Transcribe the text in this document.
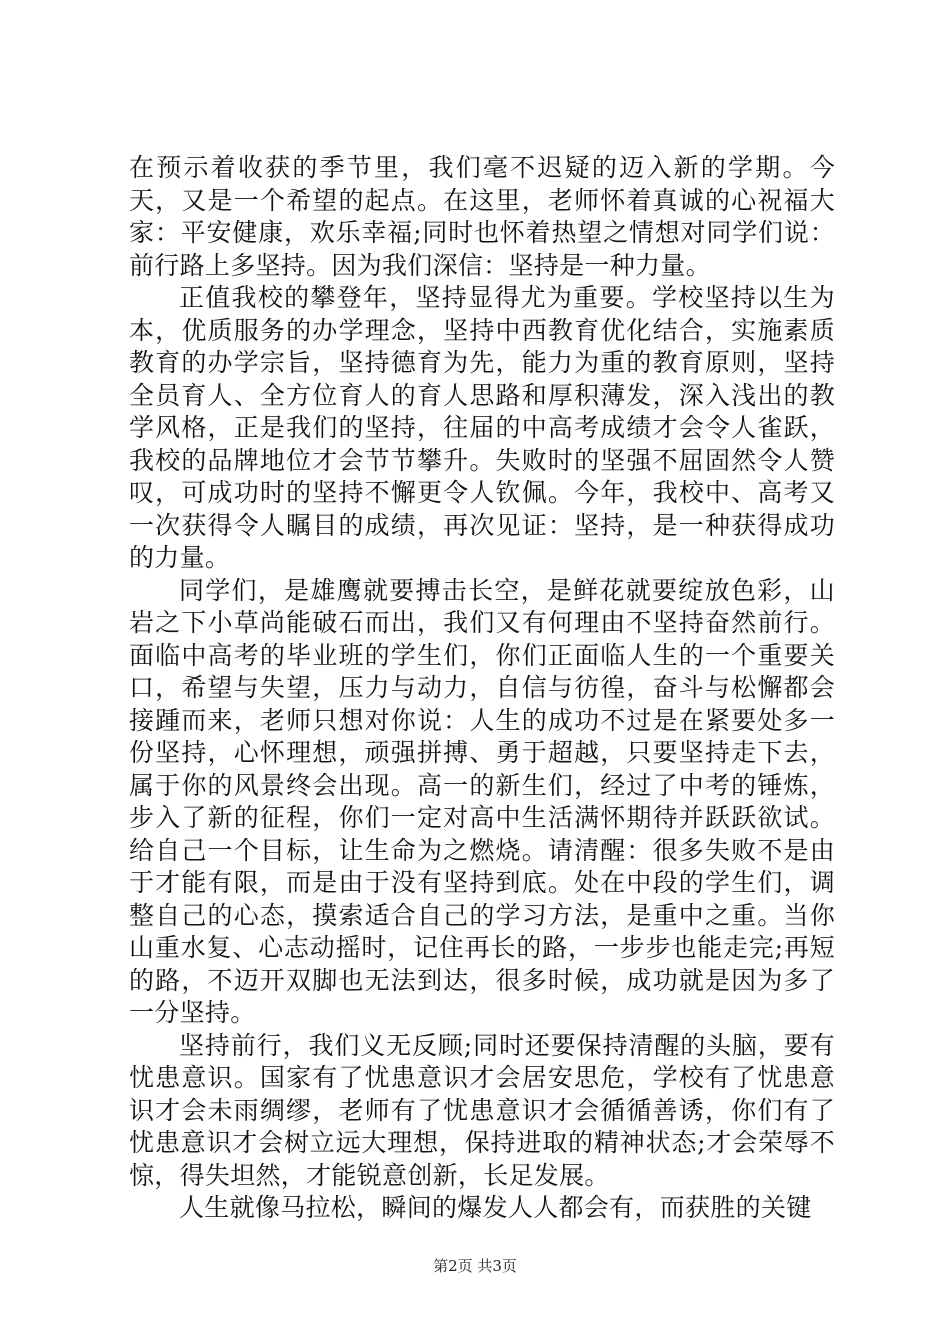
在预示着收获的季节里，我们毫不迟疑的迈入新的学期。今天，又是一个希望的起点。在这里，老师怀着真诚的心祝福大家：平安健康，欢乐幸福;同时也怀着热望之情想对同学们说：前行路上多坚持。因为我们深信：坚持是一种力量。

正值我校的攀登年，坚持显得尤为重要。学校坚持以生为本，优质服务的办学理念，坚持中西教育优化结合，实施素质教育的办学宗旨，坚持德育为先，能力为重的教育原则，坚持全员育人、全方位育人的育人思路和厚积薄发，深入浅出的教学风格，正是我们的坚持，往届的中高考成绩才会令人雀跃，我校的品牌地位才会节节攀升。失败时的坚强不屈固然令人赞叹，可成功时的坚持不懈更令人钦佩。今年，我校中、高考又一次获得令人瞩目的成绩，再次见证：坚持，是一种获得成功的力量。

同学们，是雄鹰就要搏击长空，是鲜花就要绽放色彩，山岩之下小草尚能破石而出，我们又有何理由不坚持奋然前行。面临中高考的毕业班的学生们，你们正面临人生的一个重要关口，希望与失望，压力与动力，自信与彷徨，奋斗与松懈都会接踵而来，老师只想对你说：人生的成功不过是在紧要处多一份坚持，心怀理想，顽强拼搏、勇于超越，只要坚持走下去，属于你的风景终会出现。高一的新生们，经过了中考的锤炼，步入了新的征程，你们一定对高中生活满怀期待并跃跃欲试。给自己一个目标，让生命为之燃烧。请清醒：很多失败不是由于才能有限，而是由于没有坚持到底。处在中段的学生们，调整自己的心态，摸索适合自己的学习方法，是重中之重。当你山重水复、心志动摇时，记住再长的路，一步步也能走完;再短的路，不迈开双脚也无法到达，很多时候，成功就是因为多了一分坚持。

坚持前行，我们义无反顾;同时还要保持清醒的头脑，要有忧患意识。国家有了忧患意识才会居安思危，学校有了忧患意识才会未雨绸缪，老师有了忧患意识才会循循善诱，你们有了忧患意识才会树立远大理想，保持进取的精神状态;才会荣辱不惊，得失坦然，才能锐意创新，长足发展。

人生就像马拉松，瞬间的爆发人人都会有，而获胜的关键

第2页 共3页
